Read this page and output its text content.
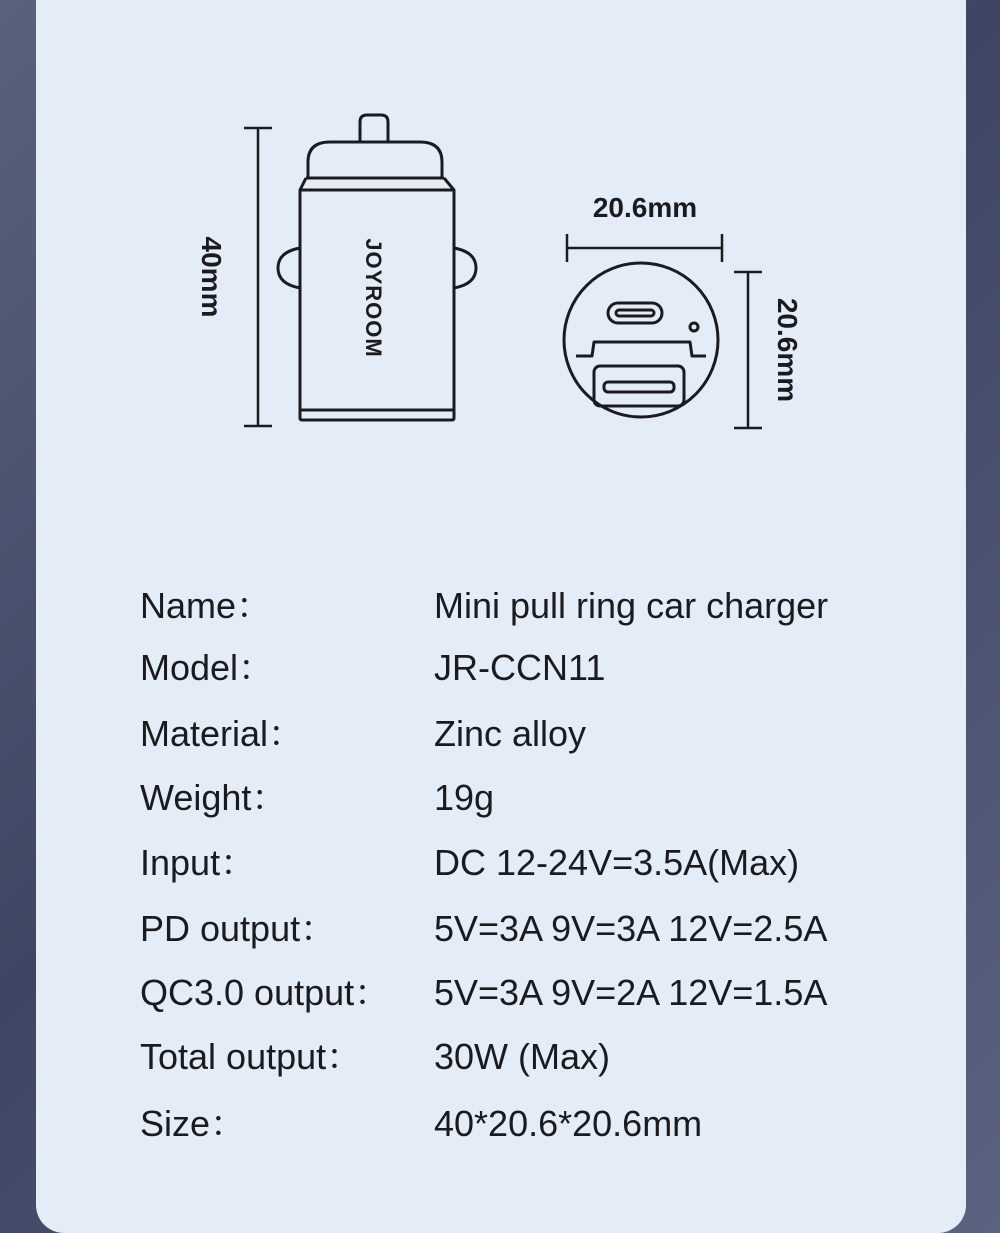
40mm	JOYROOM
20.6mm
20.6mm
Name：	Mini pull ring car charger
Model：	JR-CCN11
Material：	Zinc alloy
Weight：	19g
Input：	DC 12-24V=3.5A(Max)
PD output：	5V=3A 9V=3A 12V=2.5A
QC3.0 output： 5V=3A 9V=2A 12V=1.5A
Total output： 30W (Max)
Size：	40*20.6*20.6mm
